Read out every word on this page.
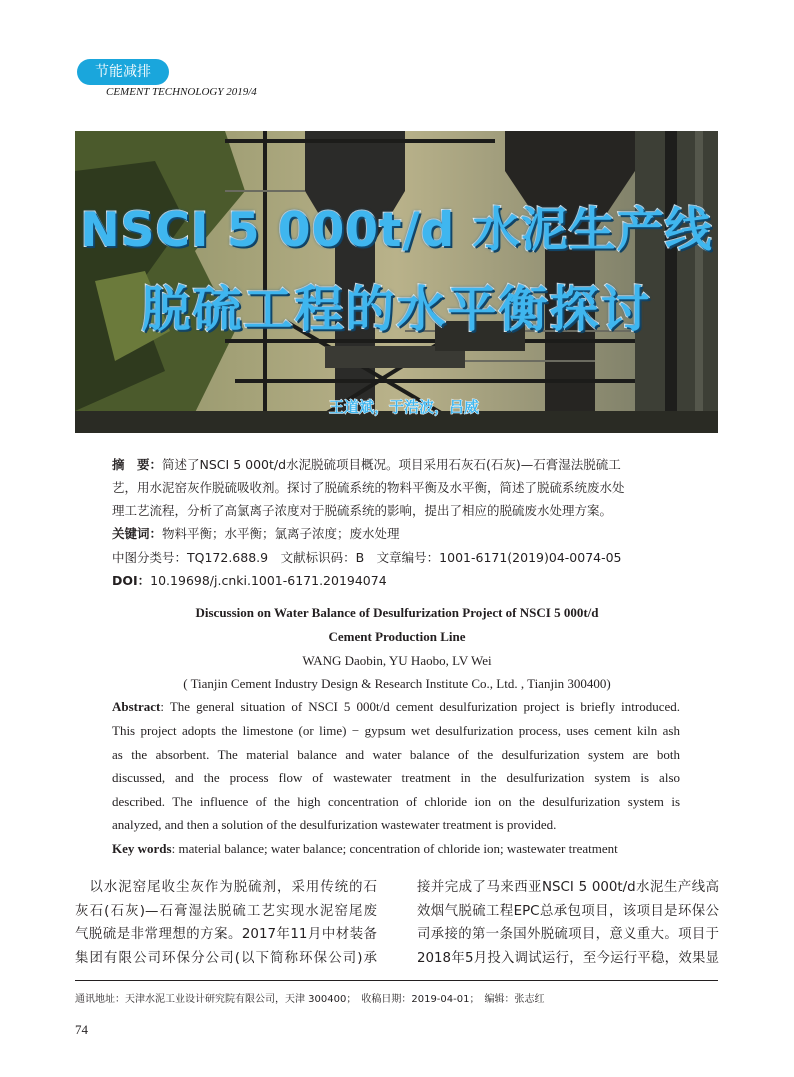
节能减排
CEMENT TECHNOLOGY 2019/4
NSCI 5 000t/d 水泥生产线
脱硫工程的水平衡探讨
王道斌，于浩波，吕威
摘　要：简述了NSCI 5 000t/d水泥脱硫项目概况。项目采用石灰石(石灰)—石膏湿法脱硫工
艺，用水泥窑灰作脱硫吸收剂。探讨了脱硫系统的物料平衡及水平衡，简述了脱硫系统废水处
理工艺流程，分析了高氯离子浓度对于脱硫系统的影响，提出了相应的脱硫废水处理方案。
关键词：物料平衡；水平衡；氯离子浓度；废水处理
中图分类号：TQ172.688.9　文献标识码：B　文章编号：1001-6171(2019)04-0074-05
DOI：10.19698/j.cnki.1001-6171.20194074
Discussion on Water Balance of Desulfurization Project of NSCI 5 000t/d
Cement Production Line
WANG Daobin, YU Haobo, LV Wei
( Tianjin Cement Industry Design & Research Institute Co., Ltd. , Tianjin 300400)
Abstract: The general situation of NSCI 5 000t/d cement desulfurization project is briefly introduced.
This project adopts the limestone (or lime) − gypsum wet desulfurization process, uses cement kiln ash
as the absorbent. The material balance and water balance of the desulfurization system are both
discussed, and the process flow of wastewater treatment in the desulfurization system is also
described. The influence of the high concentration of chloride ion on the desulfurization system is
analyzed, and then a solution of the desulfurization wastewater treatment is provided.
Key words: material balance; water balance; concentration of chloride ion; wastewater treatment
　以水泥窑尾收尘灰作为脱硫剂，采用传统的石
灰石(石灰)—石膏湿法脱硫工艺实现水泥窑尾废
气脱硫是非常理想的方案。2017年11月中材装备
集团有限公司环保分公司(以下简称环保公司)承
接并完成了马来西亚NSCI 5 000t/d水泥生产线高
效烟气脱硫工程EPC总承包项目，该项目是环保公
司承接的第一条国外脱硫项目，意义重大。项目于
2018年5月投入调试运行，至今运行平稳，效果显
通讯地址：天津水泥工业设计研究院有限公司，天津 300400；　收稿日期：2019-04-01；　编辑：张志红
74
